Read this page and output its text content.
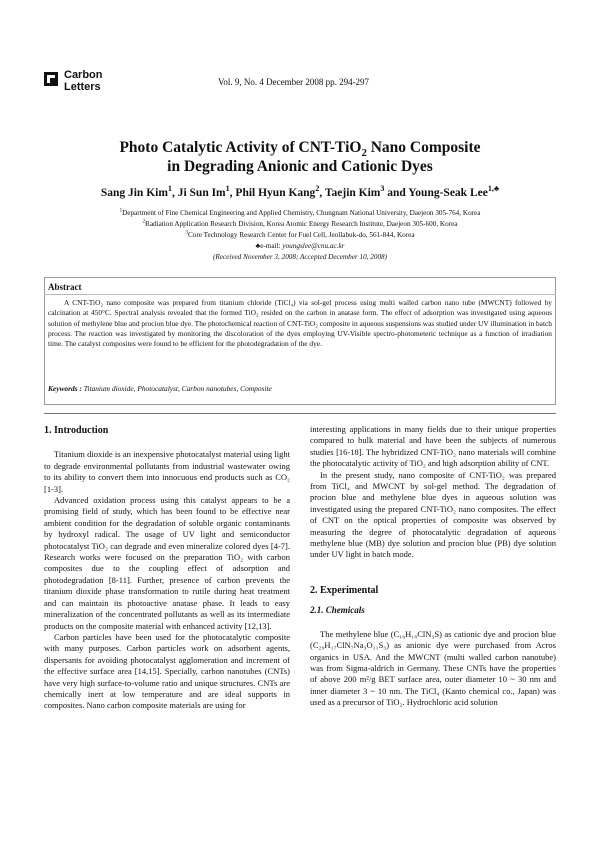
Carbon
Letters	Vol. 9, No. 4 December 2008 pp. 294-297
Photo Catalytic Activity of CNT-TiO$_2$ Nano Composite
in Degrading Anionic and Cationic Dyes
Sang Jin Kim$^1$, Ji Sun Im$^1$, Phil Hyun Kang$^2$, Taejin Kim$^3$ and Young-Seak Lee$^{1,♣}$
$^1$Department of Fine Chemical Engineering and Applied Chemistry, Chungnam National University, Daejeon 305-764, Korea
$^2$Radiation Application Research Division, Korea Atomic Energy Research Institute, Daejeon 305-600, Korea
$^3$Core Technology Research Center for Fuel Cell, Jeollabuk-do, 561-844, Korea
♣e-mail: youngslee@cnu.ac.kr
(Received November 3, 2008; Accepted December 10, 2008)
Abstract
A CNT-TiO₂ nano composite was prepared from titanium chloride (TiCl₄) via sol-gel process using multi walled carbon nano tube (MWCNT) followed by calcination at 450°C. Spectral analysis revealed that the formed TiO₂ resided on the carbon in anatase form. The effect of adsorption was investigated using aqueous solution of methylene blue and procion blue dye. The photochemical reaction of CNT-TiO₂ composite in aqueous suspensions was studied under UV illumination in batch process. The reaction was investigated by monitoring the discoloration of the dyes employing UV-Visible spectro-photometeric technique as a function of irradiation time. The catalyst composites were found to be efficient for the photodegradation of the dye.
Keywords : Titanium dioxide, Photocatalyst, Carbon nanotubes, Composite
1. Introduction

Titanium dioxide is an inexpensive photocatalyst material using light to degrade environmental pollutants from industrial wastewater owing to its ability to convert them into innocuous end products such as CO₂ [1-3].

Advanced oxidation process using this catalyst appears to be a promising field of study, which has been found to be effective near ambient condition for the degradation of soluble organic contaminants by hydroxyl radical. The usage of UV light and semiconductor photocatalyst TiO₂ can degrade and even mineralize colored dyes [4-7]. Research works were focused on the preparation TiO₂ with carbon composites due to the coupling effect of adsorption and photodegradation [8-11]. Further, presence of carbon prevents the titanium dioxide phase transformation to rutile during heat treatment and can maintain its photoactive anatase phase. It leads to easy mineralization of the concentrated pollutants as well as its intermediate products on the composite material with enhanced activity [12,13].

Carbon particles have been used for the photocatalytic composite with many purposes. Carbon particles work on adsorbent agents, dispersants for avoiding photocatalyst agglomeration and increment of the effective surface area [14,15]. Specially, carbon nanotubes (CNTs) have very high surface-to-volume ratio and unique structures. CNTs are chemically inert at low temperature and are ideal supports in composites. Nano carbon composite materials are using for

interesting applications in many fields due to their unique properties compared to bulk material and have been the subjects of numerous studies [16-18]. The hybridized CNT-TiO₂ nano materials will combine the photocatalytic activity of TiO₂ and high adsorption ability of CNT.

In the present study, nano composite of CNT-TiO₂ was prepared from TiCl₄ and MWCNT by sol-gel method. The degradation of procion blue and methylene blue dyes in aqueous solution was investigated using the prepared CNT-TiO₂ nano composites. The effect of CNT on the optical properties of composite was observed by measuring the degree of photocatalytic degradation of aqueous methylene blue (MB) dye solution and procion blue (PB) dye solution under UV light in batch mode.

2. Experimental
2.1. Chemicals

The methylene blue (C₁₆H₁₈ClN₃S) as cationic dye and procion blue (C₂₉H₁₇ClN₇Na₃O₁₁S₃) as anionic dye were purchased from Acros organics in USA. And the MWCNT (multi walled carbon nanotube) was from Sigma-aldrich in Germany. These CNTs have the properties of above 200 m²/g BET surface area, outer diameter 10 ~ 30 nm and inner diameter 3 ~ 10 nm. The TiCl₄ (Kanto chemical co., Japan) was used as a precursor of TiO₂. Hydrochloric acid solution
